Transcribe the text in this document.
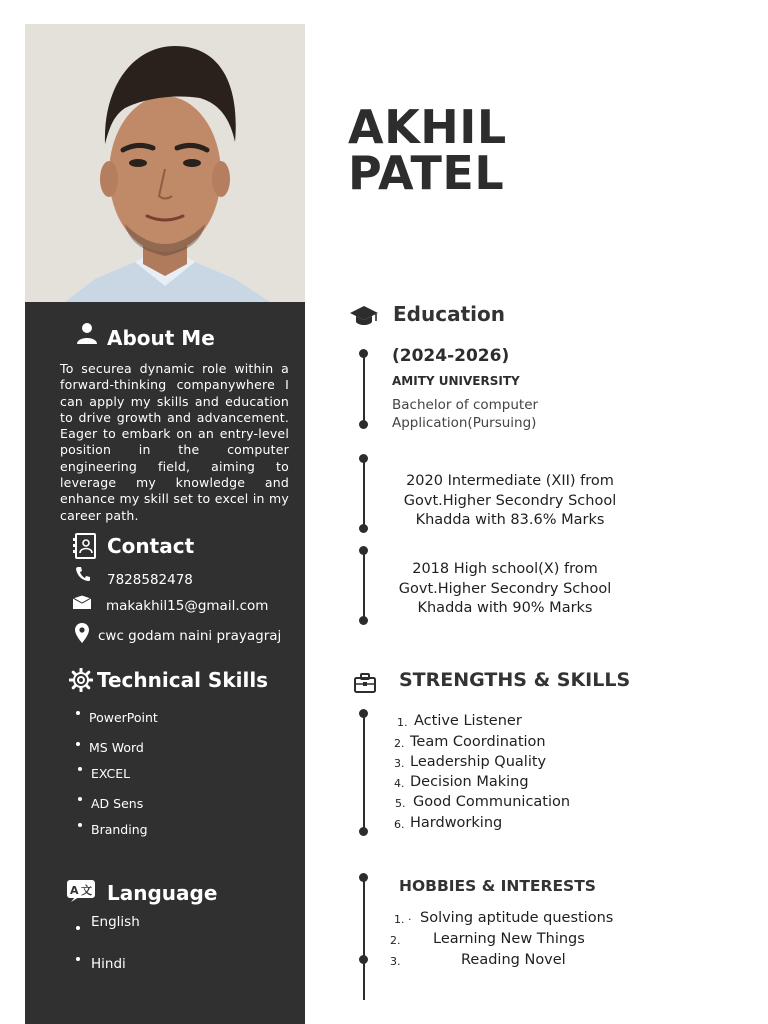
About Me
To securea dynamic role within a forward-thinking companywhere I can apply my skills and education to drive growth and advancement. Eager to embark on an entry-level position in the computer engineering field, aiming to leverage my knowledge and enhance my skill set to excel in my career path.
Contact
7828582478
makakhil15@gmail.com
cwc godam naini prayagraj
Technical Skills
PowerPoint
MS Word
EXCEL
AD Sens
Branding
A 文 Language
English
Hindi
AKHIL
PATEL
Education
(2024-2026)
AMITY UNIVERSITY
Bachelor of computer
Application(Pursuing)
2020 Intermediate (XII) from
Govt.Higher Secondry School
Khadda with 83.6% Marks
2018 High school(X) from
Govt.Higher Secondry School
Khadda with 90% Marks
STRENGTHS & SKILLS
1. Active Listener
2. Team Coordination
3. Leadership Quality
4. Decision Making
5. Good Communication
6. Hardworking
HOBBIES & INTERESTS
1. · Solving aptitude questions
2. Learning New Things
3.	Reading Novel
